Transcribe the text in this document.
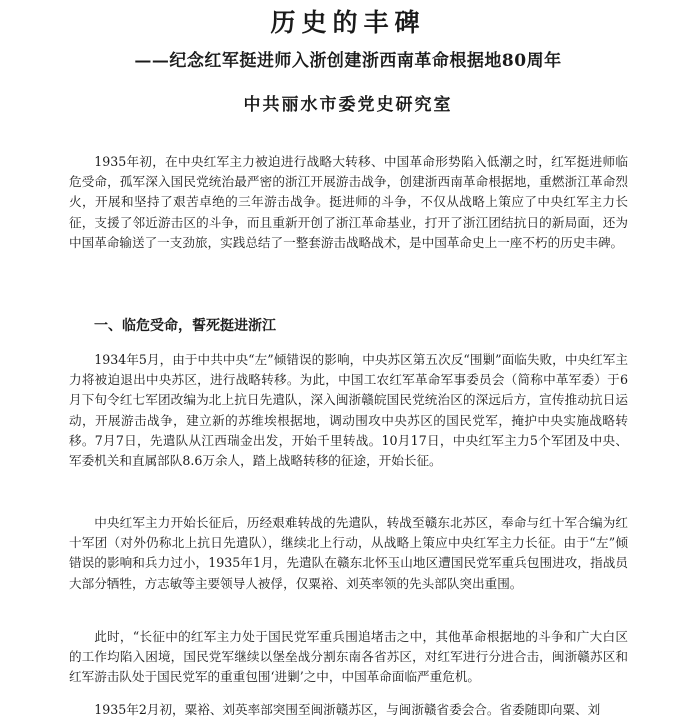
历史的丰碑
——纪念红军挺进师入浙创建浙西南革命根据地80周年
中共丽水市委党史研究室

1935年初，在中央红军主力被迫进行战略大转移、中国革命形势陷入低潮之时，红军挺进师临危受命，孤军深入国民党统治最严密的浙江开展游击战争，创建浙西南革命根据地，重燃浙江革命烈火，开展和坚持了艰苦卓绝的三年游击战争。挺进师的斗争，不仅从战略上策应了中央红军主力长征，支援了邻近游击区的斗争，而且重新开创了浙江革命基业，打开了浙江团结抗日的新局面，还为中国革命输送了一支劲旅，实践总结了一整套游击战略战术，是中国革命史上一座不朽的历史丰碑。

一、临危受命，誓死挺进浙江

1934年5月，由于中共中央“左”倾错误的影响，中央苏区第五次反“围剿”面临失败，中央红军主力将被迫退出中央苏区，进行战略转移。为此，中国工农红军革命军事委员会（简称中革军委）于6月下旬令红七军团改编为北上抗日先遣队，深入闽浙赣皖国民党统治区的深远后方，宣传推动抗日运动，开展游击战争，建立新的苏维埃根据地，调动围攻中央苏区的国民党军，掩护中央实施战略转移。7月7日，先遣队从江西瑞金出发，开始千里转战。10月17日，中央红军主力5个军团及中央、军委机关和直属部队8.6万余人，踏上战略转移的征途，开始长征。

中央红军主力开始长征后，历经艰难转战的先遣队，转战至赣东北苏区，奉命与红十军合编为红十军团（对外仍称北上抗日先遣队），继续北上行动，从战略上策应中央红军主力长征。由于“左”倾错误的影响和兵力过小，1935年1月，先遣队在赣东北怀玉山地区遭国民党军重兵包围进攻，指战员大部分牺牲，方志敏等主要领导人被俘，仅粟裕、刘英率领的先头部队突出重围。

此时，“长征中的红军主力处于国民党军重兵围追堵击之中，其他革命根据地的斗争和广大白区的工作均陷入困境，国民党军继续以堡垒战分割东南各省苏区，对红军进行分进合击，闽浙赣苏区和红军游击队处于国民党军的重重包围‘进剿’之中，中国革命面临严重危机。

1935年2月初，粟裕、刘英率部突围至闽浙赣苏区，与闽浙赣省委会合。省委随即向粟、刘
